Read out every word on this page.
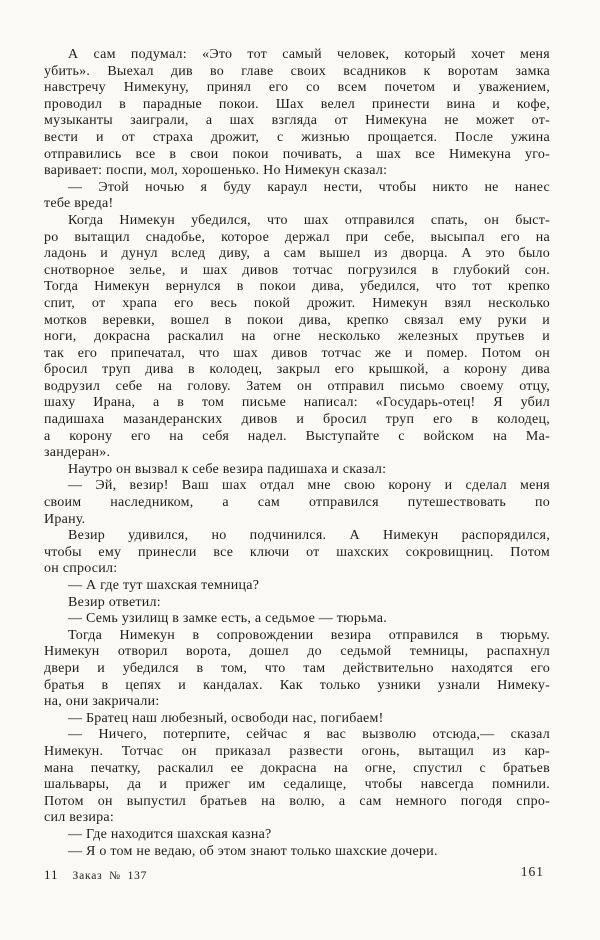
А сам подумал: «Это тот самый человек, который хочет меня
убить». Выехал див во главе своих всадников к воротам замка
навстречу Нимекуну, принял его со всем почетом и уважением,
проводил в парадные покои. Шах велел принести вина и кофе,
музыканты заиграли, а шах взгляда от Нимекуна не может от-
вести и от страха дрожит, с жизнью прощается. После ужина
отправились все в свои покои почивать, а шах все Нимекуна уго-
варивает: поспи, мол, хорошенько. Но Нимекун сказал:
— Этой ночью я буду караул нести, чтобы никто не нанес
тебе вреда!
Когда Нимекун убедился, что шах отправился спать, он быст-
ро вытащил снадобье, которое держал при себе, высыпал его на
ладонь и дунул вслед диву, а сам вышел из дворца. А это было
снотворное зелье, и шах дивов тотчас погрузился в глубокий сон.
Тогда Нимекун вернулся в покои дива, убедился, что тот крепко
спит, от храпа его весь покой дрожит. Нимекун взял несколько
мотков веревки, вошел в покои дива, крепко связал ему руки и
ноги, докрасна раскалил на огне несколько железных прутьев и
так его припечатал, что шах дивов тотчас же и помер. Потом он
бросил труп дива в колодец, закрыл его крышкой, а корону дива
водрузил себе на голову. Затем он отправил письмо своему отцу,
шаху Ирана, а в том письме написал: «Государь-отец! Я убил
падишаха мазандеранских дивов и бросил труп его в колодец,
а корону его на себя надел. Выступайте с войском на Ма-
зандеран».
Наутро он вызвал к себе везира падишаха и сказал:
— Эй, везир! Ваш шах отдал мне свою корону и сделал меня
своим наследником, а сам отправился путешествовать по
Ирану.
Везир удивился, но подчинился. А Нимекун распорядился,
чтобы ему принесли все ключи от шахских сокровищниц. Потом
он спросил:
— А где тут шахская темница?
Везир ответил:
— Семь узилищ в замке есть, а седьмое — тюрьма.
Тогда Нимекун в сопровождении везира отправился в тюрьму.
Нимекун отворил ворота, дошел до седьмой темницы, распахнул
двери и убедился в том, что там действительно находятся его
братья в цепях и кандалах. Как только узники узнали Нимеку-
на, они закричали:
— Братец наш любезный, освободи нас, погибаем!
— Ничего, потерпите, сейчас я вас вызволю отсюда,— сказал
Нимекун. Тотчас он приказал развести огонь, вытащил из кар-
мана печатку, раскалил ее докрасна на огне, спустил с братьев
шальвары, да и прижег им седалище, чтобы навсегда помнили.
Потом он выпустил братьев на волю, а сам немного погодя спро-
сил везира:
— Где находится шахская казна?
— Я о том не ведаю, об этом знают только шахские дочери.
11 Заказ № 137	161
